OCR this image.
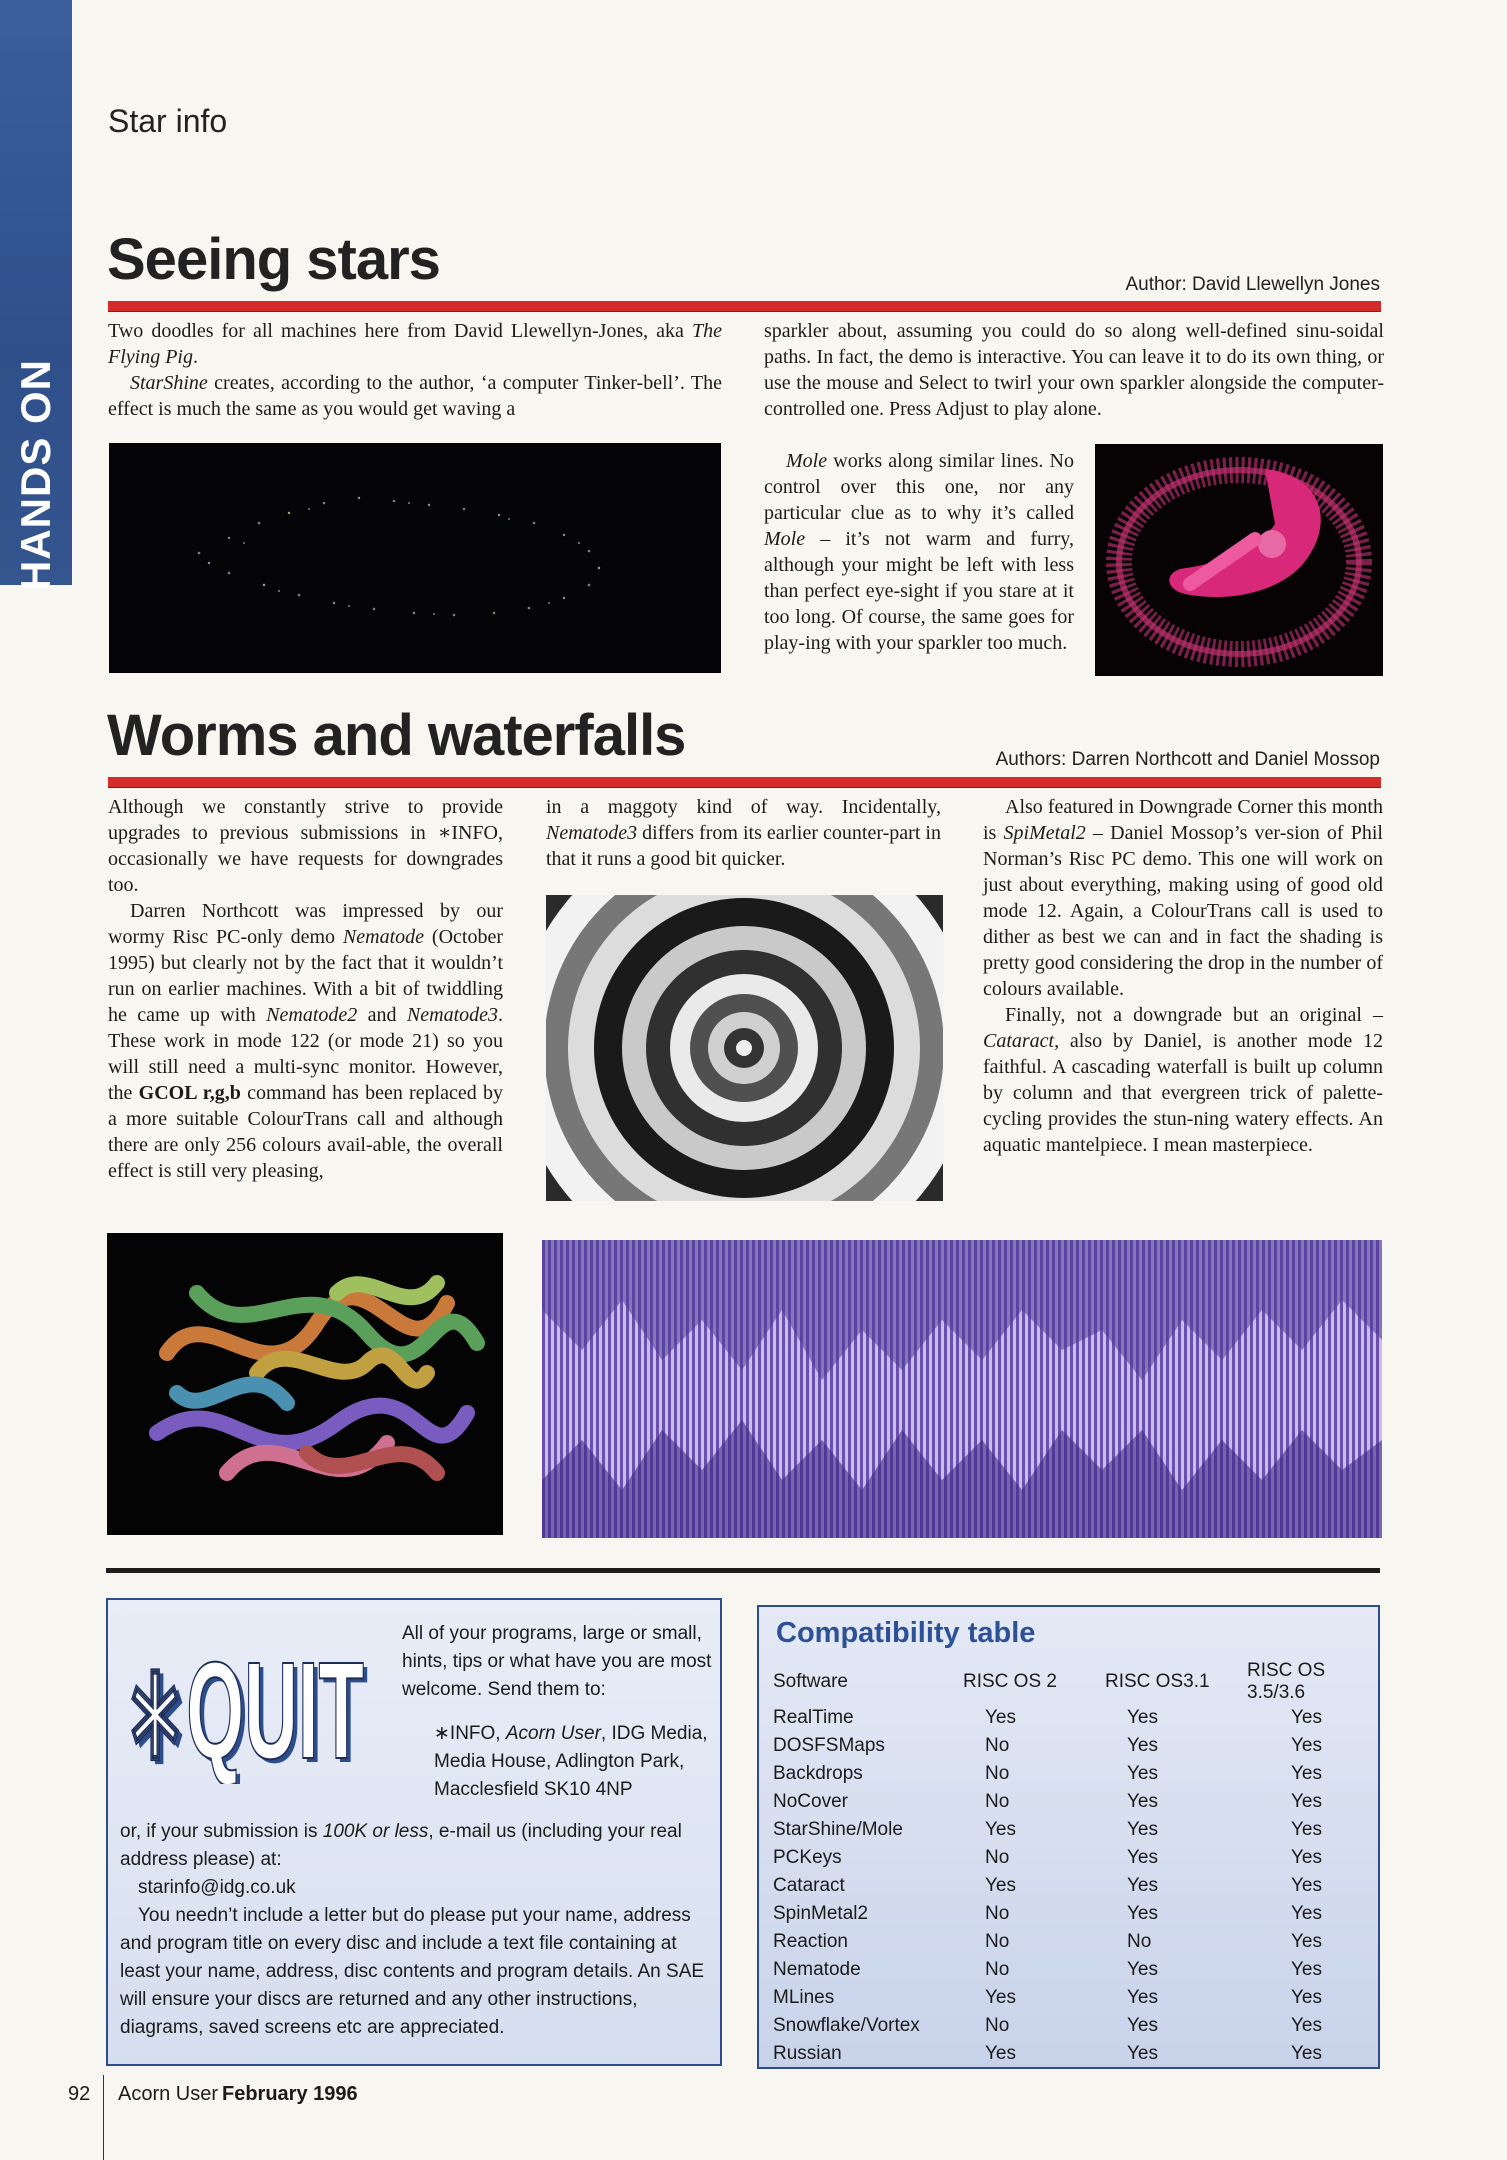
HANDS ON
Star info
Seeing stars	Author: David Llewellyn Jones

Two doodles for all machines here from David Llewellyn-Jones, aka The Flying Pig.

StarShine creates, according to the author, ‘a computer Tinker-bell’. The effect is much the same as you would get waving a

sparkler about, assuming you could do so along well-defined sinu-soidal paths. In fact, the demo is interactive. You can leave it to do its own thing, or use the mouse and Select to twirl your own sparkler alongside the computer-controlled one. Press Adjust to play alone.

Mole works along similar lines. No control over this one, nor any particular clue as to why it’s called Mole – it’s not warm and furry, although your might be left with less than perfect eye-sight if you stare at it too long. Of course, the same goes for play-ing with your sparkler too much.

Worms and waterfalls	Authors: Darren Northcott and Daniel Mossop

Although we constantly strive to provide upgrades to previous submissions in ∗INFO, occasionally we have requests for downgrades too.

Darren Northcott was impressed by our wormy Risc PC-only demo Nematode (October 1995) but clearly not by the fact that it wouldn’t run on earlier machines. With a bit of twiddling he came up with Nematode2 and Nematode3. These work in mode 122 (or mode 21) so you will still need a multi-sync monitor. However, the GCOL r,g,b command has been replaced by a more suitable ColourTrans call and although there are only 256 colours avail-able, the overall effect is still very pleasing,

in a maggoty kind of way. Incidentally, Nematode3 differs from its earlier counter-part in that it runs a good bit quicker.

Also featured in Downgrade Corner this month is SpiMetal2 – Daniel Mossop’s ver-sion of Phil Norman’s Risc PC demo. This one will work on just about everything, making using of good old mode 12. Again, a ColourTrans call is used to dither as best we can and in fact the shading is pretty good considering the drop in the number of colours available.

Finally, not a downgrade but an original – Cataract, also by Daniel, is another mode 12 faithful. A cascading waterfall is built up column by column and that evergreen trick of palette-cycling provides the stun-ning watery effects. An aquatic mantelpiece. I mean masterpiece.

∗QUIT
∗QUIT
All of your programs, large or small, hints, tips or what have you are most welcome. Send them to:
∗INFO, Acorn User, IDG Media,
Media House, Adlington Park,
Macclesfield SK10 4NP

or, if your submission is 100K or less, e-mail us (including your real address please) at:

starinfo@idg.co.uk

You needn’t include a letter but do please put your name, address and program title on every disc and include a text file containing at least your name, address, disc contents and program details. An SAE will ensure your discs are returned and any other instructions, diagrams, saved screens etc are appreciated.

Compatibility table
Software	RISC OS 2	RISC OS3.1	RISC OS 3.5/3.6
RealTime	Yes	Yes	Yes
DOSFSMaps	No	Yes	Yes
Backdrops	No	Yes	Yes
NoCover	No	Yes	Yes
StarShine/Mole	Yes	Yes	Yes
PCKeys	No	Yes	Yes
Cataract	Yes	Yes	Yes
SpinMetal2	No	Yes	Yes
Reaction	No	No	Yes
Nematode	No	Yes	Yes
MLines	Yes	Yes	Yes
Snowflake/Vortex	No	Yes	Yes
Russian	Yes	Yes	Yes
92 Acorn User February 1996
